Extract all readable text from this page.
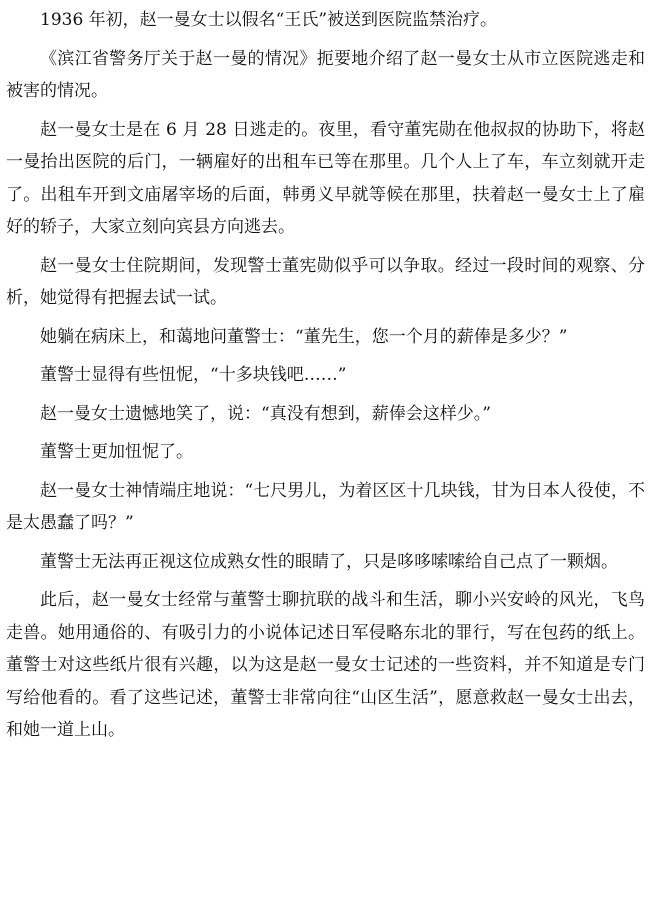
1936 年初，赵一曼女士以假名“王氏”被送到医院监禁治疗。

《滨江省警务厅关于赵一曼的情况》扼要地介绍了赵一曼女士从市立医院逃走和被害的情况。

赵一曼女士是在 6 月 28 日逃走的。夜里，看守董宪勋在他叔叔的协助下，将赵一曼抬出医院的后门，一辆雇好的出租车已等在那里。几个人上了车，车立刻就开走了。出租车开到文庙屠宰场的后面，韩勇义早就等候在那里，扶着赵一曼女士上了雇好的轿子，大家立刻向宾县方向逃去。

赵一曼女士住院期间，发现警士董宪勋似乎可以争取。经过一段时间的观察、分析，她觉得有把握去试一试。

她躺在病床上，和蔼地问董警士：“董先生，您一个月的薪俸是多少？”

董警士显得有些忸怩，“十多块钱吧……”

赵一曼女士遗憾地笑了，说：“真没有想到，薪俸会这样少。”

董警士更加忸怩了。

赵一曼女士神情端庄地说：“七尺男儿，为着区区十几块钱，甘为日本人役使，不是太愚蠢了吗？”

董警士无法再正视这位成熟女性的眼睛了，只是哆哆嗦嗦给自己点了一颗烟。

此后，赵一曼女士经常与董警士聊抗联的战斗和生活，聊小兴安岭的风光，飞鸟走兽。她用通俗的、有吸引力的小说体记述日军侵略东北的罪行，写在包药的纸上。董警士对这些纸片很有兴趣，以为这是赵一曼女士记述的一些资料，并不知道是专门写给他看的。看了这些记述，董警士非常向往“山区生活”，愿意救赵一曼女士出去，和她一道上山。
